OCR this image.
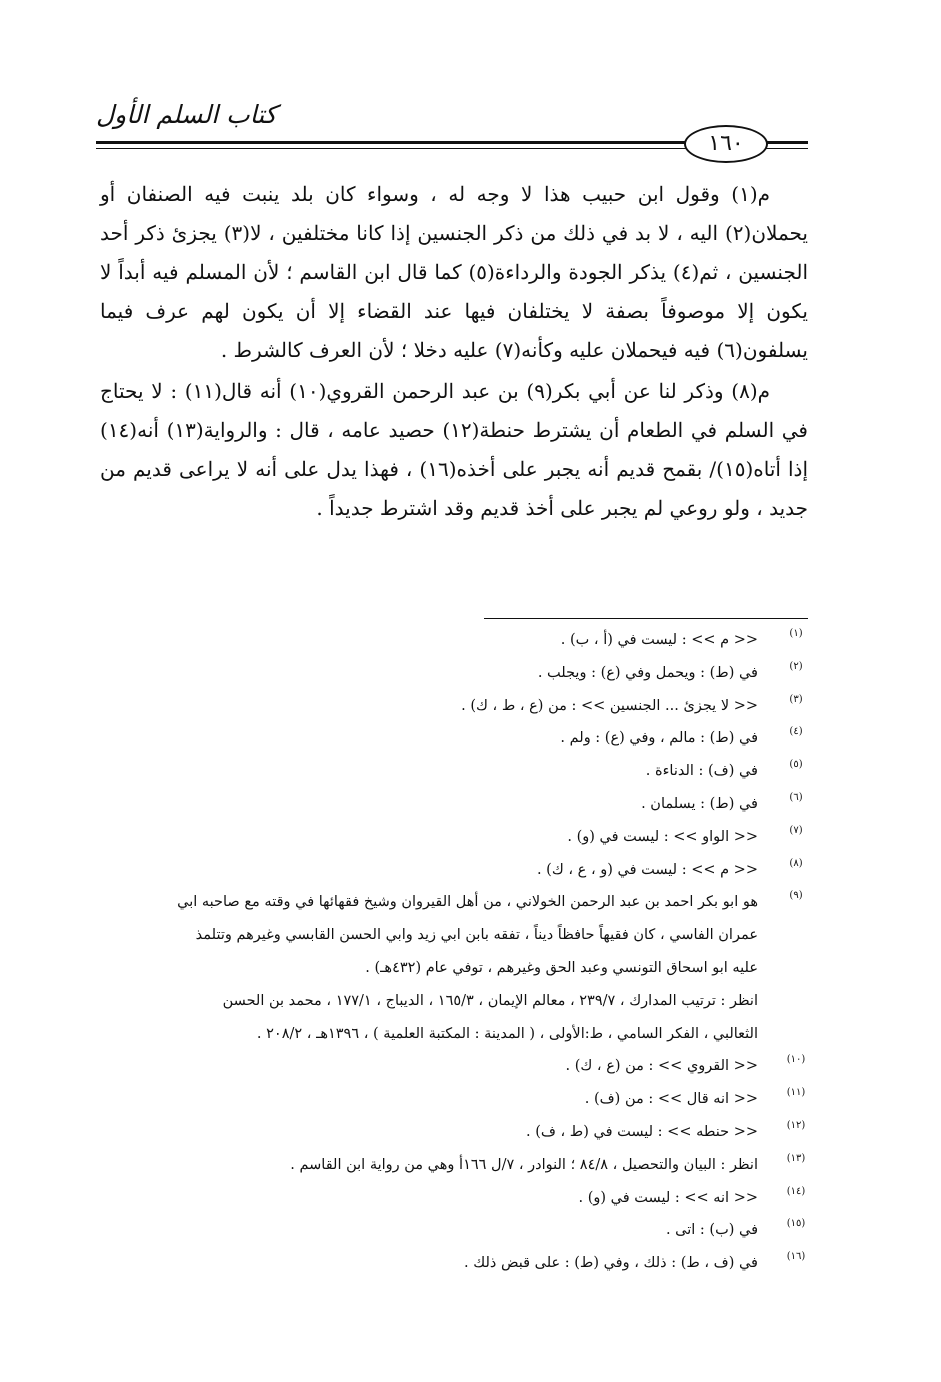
كتاب السلم الأول
١٦٠

م(١) وقول ابن حبيب هذا لا وجه له ، وسواء كان بلد ينبت فيه الصنفان أو يحملان(٢) اليه ، لا بد في ذلك من ذكر الجنسين إذا كانا مختلفين ، لا(٣) يجزئ ذكر أحد الجنسين ، ثم(٤) يذكر الجودة والرداءة(٥) كما قال ابن القاسم ؛ لأن المسلم فيه أبداً لا يكون إلا موصوفاً بصفة لا يختلفان فيها عند القضاء إلا أن يكون لهم عرف فيما يسلفون(٦) فيه فيحملان عليه وكأنه(٧) عليه دخلا ؛ لأن العرف كالشرط .

م(٨) وذكر لنا عن أبي بكر(٩) بن عبد الرحمن القروي(١٠) أنه قال(١١) : لا يحتاج في السلم في الطعام أن يشترط حنطة(١٢) حصيد عامه ، قال : والرواية(١٣) أنه(١٤) إذا أتاه(١٥)/ بقمح قديم أنه يجبر على أخذه(١٦) ، فهذا يدل على أنه لا يراعى قديم من جديد ، ولو روعي لم يجبر على أخذ قديم وقد اشترط جديداً .

(١)
<< م >> : ليست في (أ ، ب) .
(٢)
في (ط) : ويحمل وفي (ع) : ويجلب .
(٣)
<< لا يجزئ ... الجنسين >> : من (ع ، ط ، ك) .
(٤)
في (ط) : مالم ، وفي (ع) : ولم .
(٥)
في (ف) : الدناءة .
(٦)
في (ط) : يسلمان .
(٧)
<< الواو >> : ليست في (و) .
(٨)
<< م >> : ليست في (و ، ع ، ك) .
(٩)
هو ابو بكر احمد بن عبد الرحمن الخولاني ، من أهل القيروان وشيخ فقهائها في وقته مع صاحبه ابي
عمران الفاسي ، كان فقيهاً حافظاً ديناً ، تفقه بابن ابي زيد وابي الحسن القابسي وغيرهم وتتلمذ
عليه ابو اسحاق التونسي وعبد الحق وغيرهم ، توفي عام (٤٣٢هـ) .
انظر : ترتيب المدارك ، ٢٣٩/٧ ، معالم الإيمان ، ١٦٥/٣ ، الديباج ، ١٧٧/١ ، محمد بن الحسن
الثعالبي ، الفكر السامي ، ط:الأولى ، ( المدينة : المكتبة العلمية ) ، ١٣٩٦هـ ، ٢٠٨/٢ .
(١٠)
<< القروي >> : من (ع ، ك) .
(١١)
<< انه قال >> : من (ف) .
(١٢)
<< حنطه >> : ليست في (ط ، ف) .
(١٣)
انظر : البيان والتحصيل ، ٨٤/٨ ؛ النوادر ، ٧/ل ١٦٦أ وهي من رواية ابن القاسم .
(١٤)
<< انه >> : ليست في (و) .
(١٥)
في (ب) : اتى .
(١٦)
في (ف ، ط) : ذلك ، وفي (ط) : على قبض ذلك .
